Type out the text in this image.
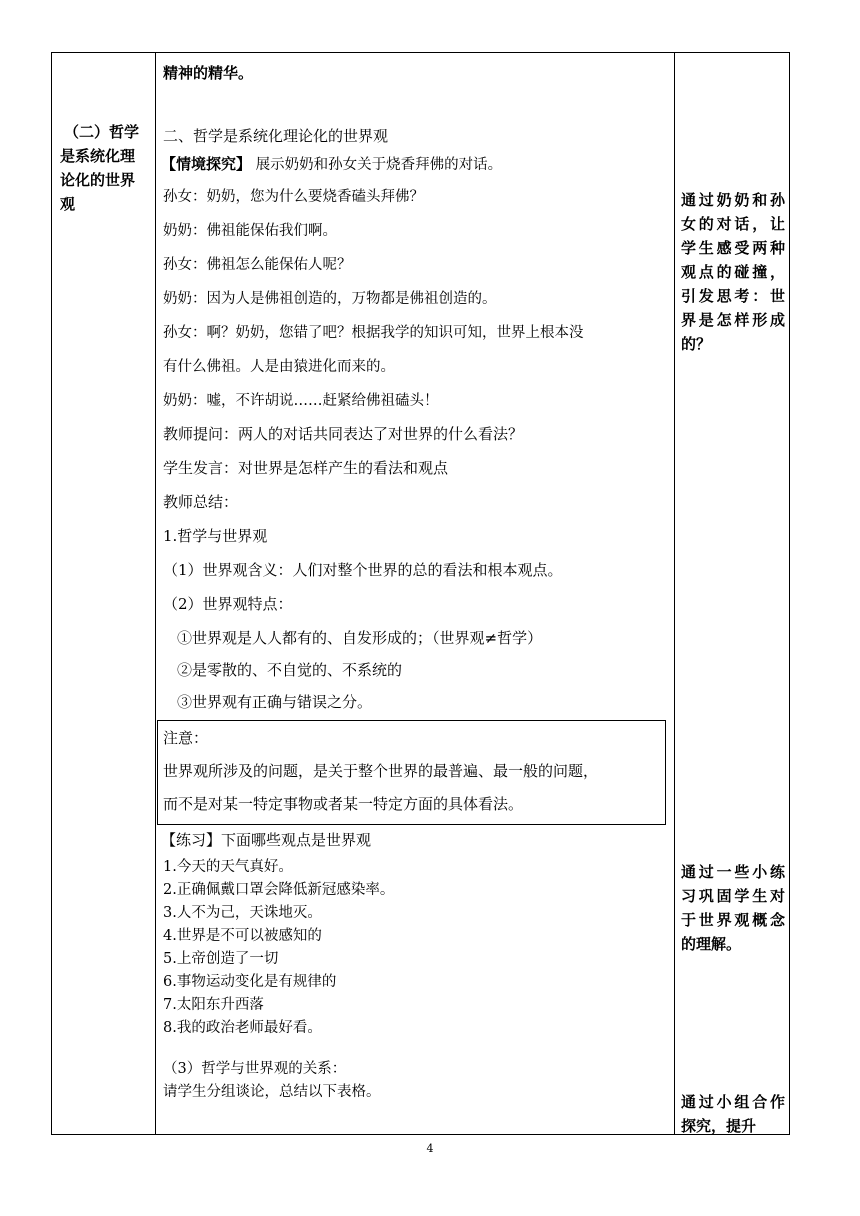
（二）哲学
是系统化理
论化的世界
观
精神的精华。
二、哲学是系统化理论化的世界观
【情境探究】 展示奶奶和孙女关于烧香拜佛的对话。
孙女：奶奶，您为什么要烧香磕头拜佛？
奶奶：佛祖能保佑我们啊。
孙女：佛祖怎么能保佑人呢？
奶奶：因为人是佛祖创造的，万物都是佛祖创造的。
孙女：啊？奶奶，您错了吧？根据我学的知识可知，世界上根本没
有什么佛祖。人是由猿进化而来的。
奶奶：嘘，不许胡说……赶紧给佛祖磕头！
教师提问：两人的对话共同表达了对世界的什么看法？
学生发言：对世界是怎样产生的看法和观点
教师总结：
1.哲学与世界观
（1）世界观含义：人们对整个世界的总的看法和根本观点。
（2）世界观特点：
①世界观是人人都有的、自发形成的；（世界观≠哲学）
②是零散的、不自觉的、不系统的
③世界观有正确与错误之分。
注意：
世界观所涉及的问题，是关于整个世界的最普遍、最一般的问题，
而不是对某一特定事物或者某一特定方面的具体看法。
【练习】下面哪些观点是世界观
1.今天的天气真好。
2.正确佩戴口罩会降低新冠感染率。
3.人不为己，天诛地灭。
4.世界是不可以被感知的
5.上帝创造了一切
6.事物运动变化是有规律的
7.太阳东升西落
8.我的政治老师最好看。
（3）哲学与世界观的关系：
请学生分组谈论，总结以下表格。
通过奶奶和孙女的对话，让学生感受两种观点的碰撞，引发思考：世界是怎样形成的？
通过一些小练习巩固学生对于世界观概念的理解。
通过小组合作探究，提升
4
